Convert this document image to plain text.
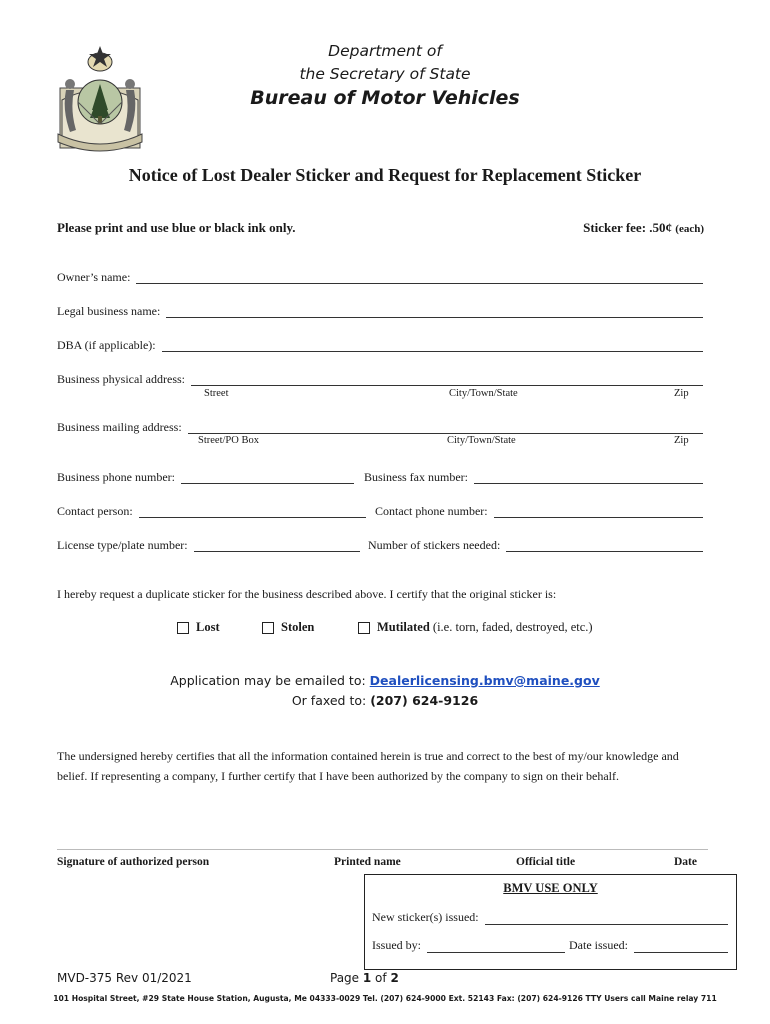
Department of
the Secretary of State
Bureau of Motor Vehicles
Notice of Lost Dealer Sticker and Request for Replacement Sticker
Please print and use blue or black ink only.	Sticker fee: .50¢ (each)
Owner’s name:
Legal business name:
DBA (if applicable):
Business physical address:
Street	City/Town/State	Zip
Business mailing address:
Street/PO Box	City/Town/State	Zip
Business phone number:	Business fax number:
Contact person:	Contact phone number:
License type/plate number:	Number of stickers needed:
I hereby request a duplicate sticker for the business described above. I certify that the original sticker is:
Lost	Stolen	Mutilated (i.e. torn, faded, destroyed, etc.)
Application may be emailed to: Dealerlicensing.bmv@maine.gov
Or faxed to: (207) 624-9126
The undersigned hereby certifies that all the information contained herein is true and correct to the best of my/our knowledge and belief. If representing a company, I further certify that I have been authorized by the company to sign on their behalf.
Signature of authorized person	Printed name	Official title	Date
BMV USE ONLY
New sticker(s) issued:
Issued by:	Date issued:
MVD-375 Rev 01/2021	Page 1 of 2
101 Hospital Street, #29 State House Station, Augusta, Me 04333-0029 Tel. (207) 624-9000 Ext. 52143 Fax: (207) 624-9126 TTY Users call Maine relay 711
